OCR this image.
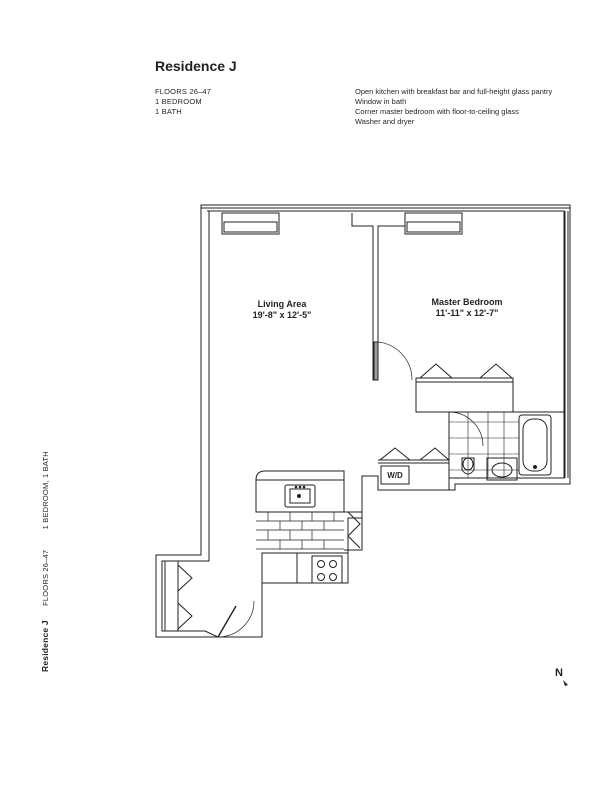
Residence J
FLOORS 26–47
1 BEDROOM
1 BATH
Open kitchen with breakfast bar and full-height glass pantry
Window in bath
Corner master bedroom with floor-to-ceiling glass
Washer and dryer
Residence J FLOORS 26–47 1 BEDROOM, 1 BATH
Living Area
19'-8" x 12'-5"
Master Bedroom
11'-11" x 12'-7"
W/D
N
